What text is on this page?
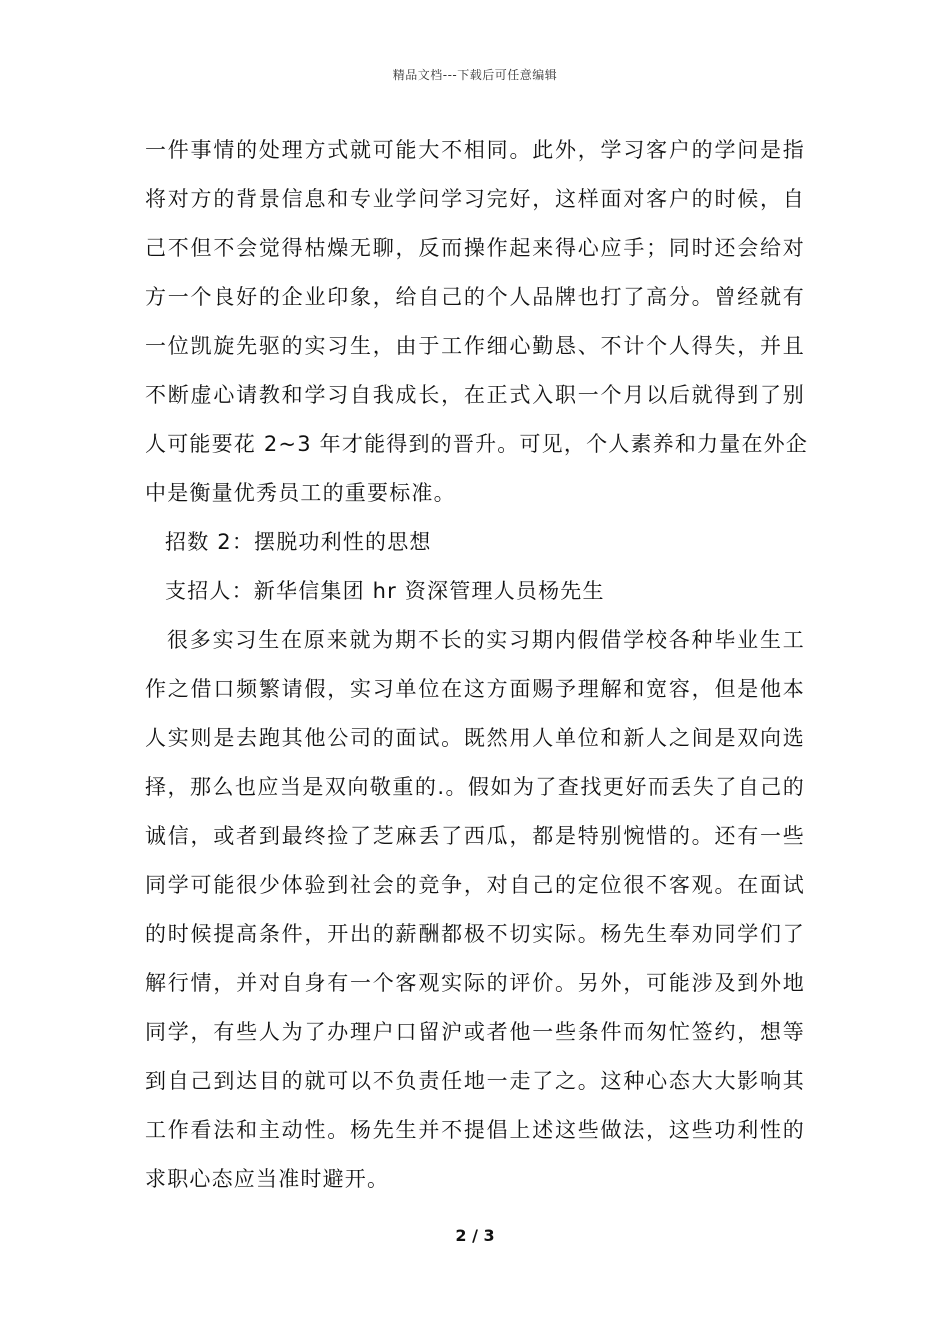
精品文档---下载后可任意编辑
一件事情的处理方式就可能大不相同。此外，学习客户的学问是指
将对方的背景信息和专业学问学习完好，这样面对客户的时候，自
己不但不会觉得枯燥无聊，反而操作起来得心应手；同时还会给对
方一个良好的企业印象，给自己的个人品牌也打了高分。曾经就有
一位凯旋先驱的实习生，由于工作细心勤恳、不计个人得失，并且
不断虚心请教和学习自我成长，在正式入职一个月以后就得到了别
人可能要花 2~3 年才能得到的晋升。可见，个人素养和力量在外企
中是衡量优秀员工的重要标准。
招数 2：摆脱功利性的思想
支招人：新华信集团 hr 资深管理人员杨先生
很多实习生在原来就为期不长的实习期内假借学校各种毕业生工
作之借口频繁请假，实习单位在这方面赐予理解和宽容，但是他本
人实则是去跑其他公司的面试。既然用人单位和新人之间是双向选
择，那么也应当是双向敬重的.。假如为了查找更好而丢失了自己的
诚信，或者到最终捡了芝麻丢了西瓜，都是特别惋惜的。还有一些
同学可能很少体验到社会的竞争，对自己的定位很不客观。在面试
的时候提高条件，开出的薪酬都极不切实际。杨先生奉劝同学们了
解行情，并对自身有一个客观实际的评价。另外，可能涉及到外地
同学，有些人为了办理户口留沪或者他一些条件而匆忙签约，想等
到自己到达目的就可以不负责任地一走了之。这种心态大大影响其
工作看法和主动性。杨先生并不提倡上述这些做法，这些功利性的
求职心态应当准时避开。
2 / 3
